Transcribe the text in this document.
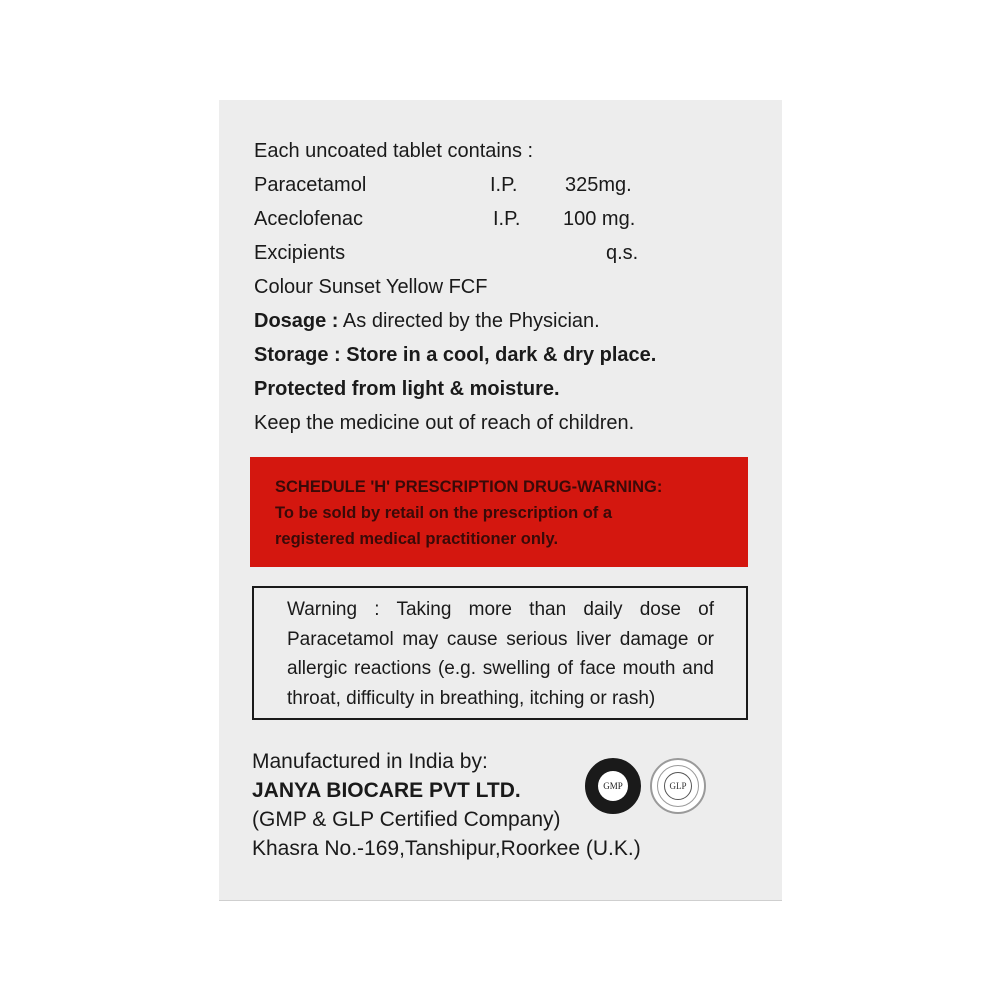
Each uncoated tablet contains :
Paracetamol	I.P. 325mg.
Aceclofenac	I.P. 100 mg.
Excipients	q.s.
Colour Sunset Yellow FCF
Dosage : As directed by the Physician.
Storage : Store in a cool, dark & dry place.
Protected from light & moisture.
Keep the medicine out of reach of children.
SCHEDULE 'H' PRESCRIPTION DRUG-WARNING:
To be sold by retail on the prescription of a
registered medical practitioner only.
Warning : Taking more than daily dose of Paracetamol may cause serious liver damage or allergic reactions (e.g. swelling of face mouth and throat, difficulty in breathing, itching or rash)
Manufactured in India by:
JANYA BIOCARE PVT LTD.
(GMP & GLP Certified Company)
Khasra No.-169,Tanshipur,Roorkee (U.K.)
GMP	GLP
